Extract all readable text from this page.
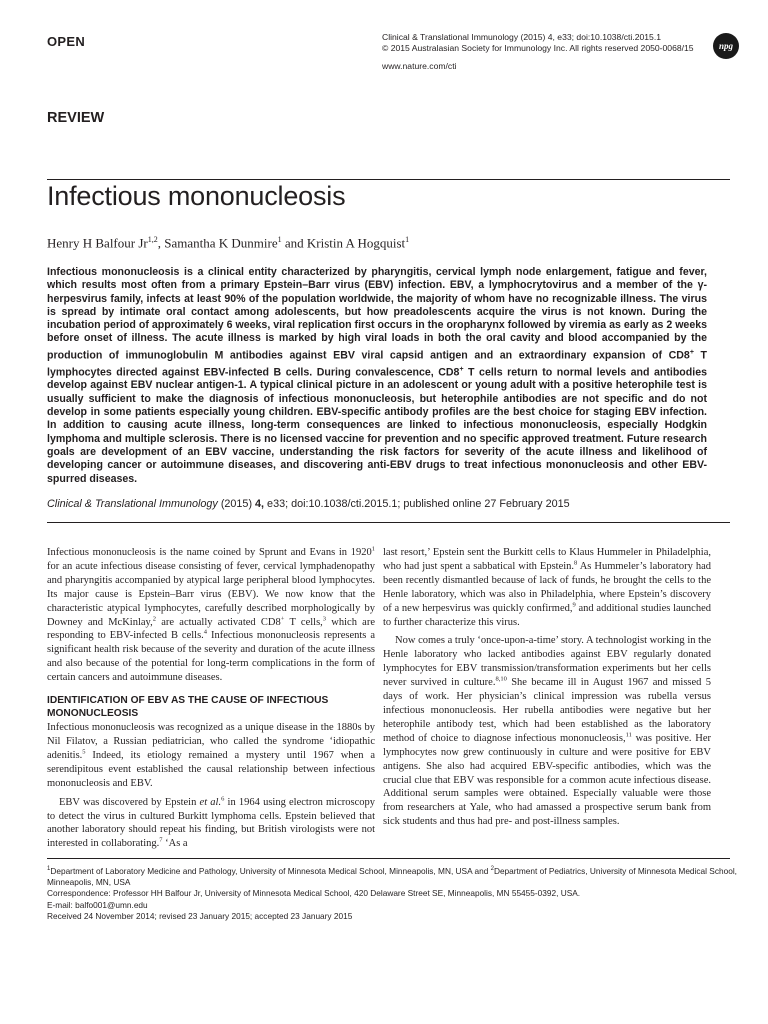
OPEN	Clinical & Translational Immunology (2015) 4, e33; doi:10.1038/cti.2015.1
© 2015 Australasian Society for Immunology Inc. All rights reserved 2050-0068/15
www.nature.com/cti
npg
REVIEW
Infectious mononucleosis
Henry H Balfour Jr$^{1,2}$, Samantha K Dunmire$^1$ and Kristin A Hogquist$^1$
Infectious mononucleosis is a clinical entity characterized by pharyngitis, cervical lymph node enlargement, fatigue and fever, which results most often from a primary Epstein–Barr virus (EBV) infection. EBV, a lymphocrytovirus and a member of the γ-herpesvirus family, infects at least 90% of the population worldwide, the majority of whom have no recognizable illness. The virus is spread by intimate oral contact among adolescents, but how preadolescents acquire the virus is not known. During the incubation period of approximately 6 weeks, viral replication first occurs in the oropharynx followed by viremia as early as 2 weeks before onset of illness. The acute illness is marked by high viral loads in both the oral cavity and blood accompanied by the production of immunoglobulin M antibodies against EBV viral capsid antigen and an extraordinary expansion of CD8+ T lymphocytes directed against EBV-infected B cells. During convalescence, CD8+ T cells return to normal levels and antibodies develop against EBV nuclear antigen-1. A typical clinical picture in an adolescent or young adult with a positive heterophile test is usually sufficient to make the diagnosis of infectious mononucleosis, but heterophile antibodies are not specific and do not develop in some patients especially young children. EBV-specific antibody profiles are the best choice for staging EBV infection. In addition to causing acute illness, long-term consequences are linked to infectious mononucleosis, especially Hodgkin lymphoma and multiple sclerosis. There is no licensed vaccine for prevention and no specific approved treatment. Future research goals are development of an EBV vaccine, understanding the risk factors for severity of the acute illness and likelihood of developing cancer or autoimmune diseases, and discovering anti-EBV drugs to treat infectious mononucleosis and other EBV-spurred diseases.
Clinical & Translational Immunology (2015) 4, e33; doi:10.1038/cti.2015.1; published online 27 February 2015

Infectious mononucleosis is the name coined by Sprunt and Evans in 1920$^1$ for an acute infectious disease consisting of fever, cervical lymphadenopathy and pharyngitis accompanied by atypical large peripheral blood lymphocytes. Its major cause is Epstein–Barr virus (EBV). We now know that the characteristic atypical lymphocytes, carefully described morphologically by Downey and McKinlay,$^2$ are actually activated CD8+ T cells,$^3$ which are responding to EBV-infected B cells.$^4$ Infectious mononucleosis represents a significant health risk because of the severity and duration of the acute illness and also because of the potential for long-term complications in the form of certain cancers and autoimmune diseases.

IDENTIFICATION OF EBV AS THE CAUSE OF INFECTIOUS MONONUCLEOSIS

Infectious mononucleosis was recognized as a unique disease in the 1880s by Nil Filatov, a Russian pediatrician, who called the syndrome ‘idiopathic adenitis.$^5$ Indeed, its etiology remained a mystery until 1967 when a serendipitous event established the causal relationship between infectious mononucleosis and EBV.

EBV was discovered by Epstein et al.$^6$ in 1964 using electron microscopy to detect the virus in cultured Burkitt lymphoma cells. Epstein believed that another laboratory should repeat his finding, but British virologists were not interested in collaborating.$^7$ ‘As a

last resort,’ Epstein sent the Burkitt cells to Klaus Hummeler in Philadelphia, who had just spent a sabbatical with Epstein.$^8$ As Hummeler’s laboratory had been recently dismantled because of lack of funds, he brought the cells to the Henle laboratory, which was also in Philadelphia, where Epstein’s discovery of a new herpesvirus was quickly confirmed,$^9$ and additional studies launched to further characterize this virus.

Now comes a truly ‘once-upon-a-time’ story. A technologist working in the Henle laboratory who lacked antibodies against EBV regularly donated lymphocytes for EBV transmission/transformation experiments but her cells never survived in culture.$^{8,10}$ She became ill in August 1967 and missed 5 days of work. Her physician’s clinical impression was rubella versus infectious mononucleosis. Her rubella antibodies were negative but her heterophile antibody test, which had been established as the laboratory method of choice to diagnose infectious mononucleosis,$^{11}$ was positive. Her lymphocytes now grew continuously in culture and were positive for EBV antigens. She also had acquired EBV-specific antibodies, which was the crucial clue that EBV was responsible for a common acute infectious disease. Additional serum samples were obtained. Especially valuable were those from researchers at Yale, who had amassed a prospective serum bank from sick students and thus had pre- and post-illness samples.

$^1$Department of Laboratory Medicine and Pathology, University of Minnesota Medical School, Minneapolis, MN, USA and $^2$Department of Pediatrics, University of Minnesota Medical School, Minneapolis, MN, USA
Correspondence: Professor HH Balfour Jr, University of Minnesota Medical School, 420 Delaware Street SE, Minneapolis, MN 55455-0392, USA.
E-mail: balfo001@umn.edu
Received 24 November 2014; revised 23 January 2015; accepted 23 January 2015
